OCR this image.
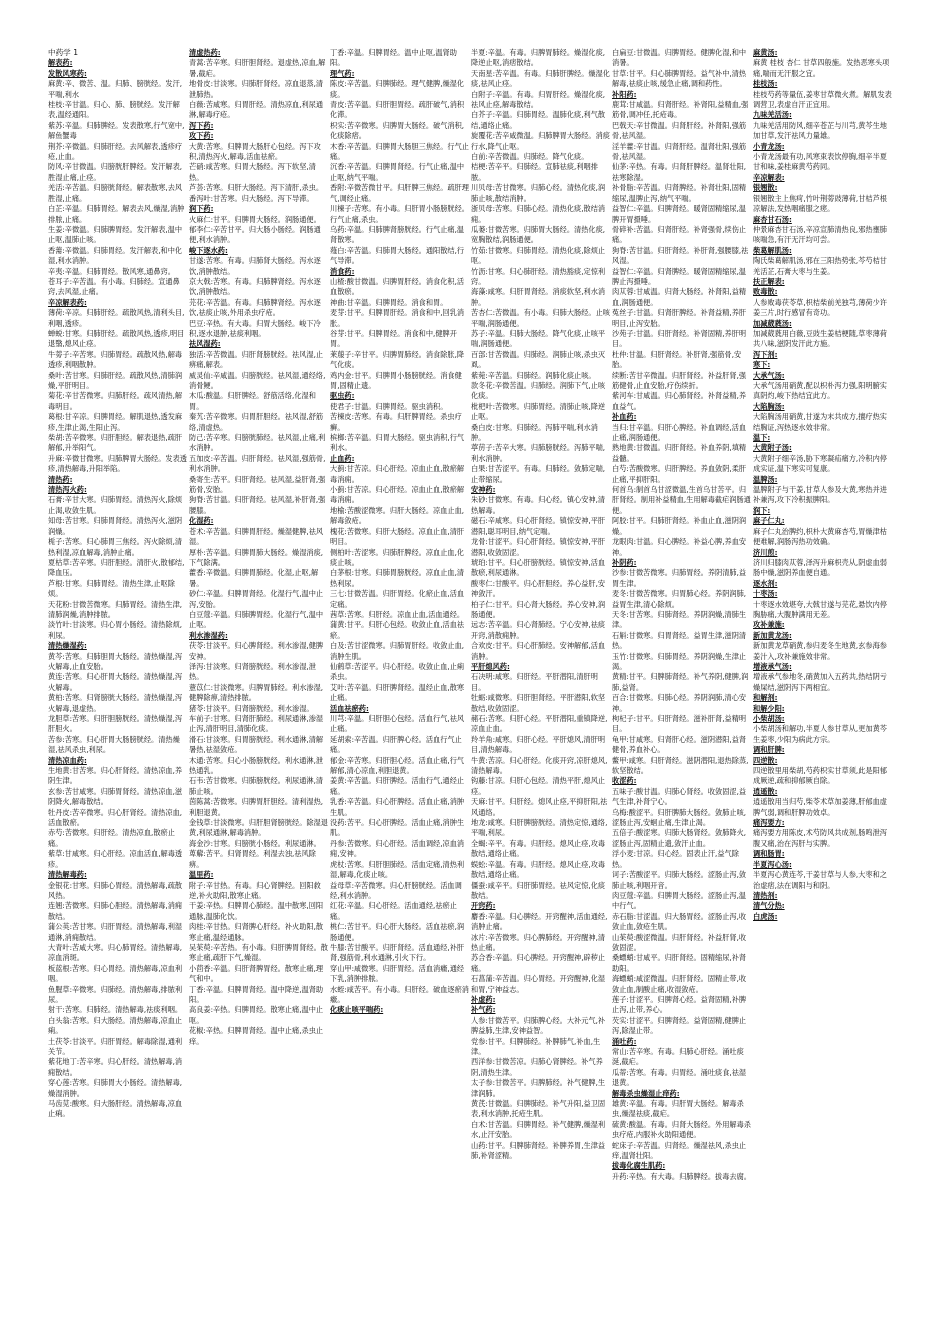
中药学 1
解表药:
发散风寒药:
麻黄:辛、微苦、温。归肺、膀胱经。发汗,平喘,利水
桂枝:辛甘温。归心、肺、膀胱经。发汗解表,温经通阳。
紫苏:辛温。归肺脾经。发表散寒,行气宽中,解鱼蟹毒
荆芥:辛微温。归肺肝经。去风解表,透疹疗疮,止血。
防风:辛甘微温。归膀胱肝脾经。发汗解表,胜湿止痛,止痉。
羌活:辛苦温。归膀胱肾经。解表散寒,去风胜湿,止痛。
白芷:辛温。归肺胃经。解表去风,燥湿,消肿排脓,止痛。
生姜:辛微温。归肺脾胃经。发汗解表,温中止呕,温肺止咳。
香薷:辛微温。归肺胃经。发汗解表,和中化湿,利水消肿。
辛夷:辛温。归肺胃经。散风寒,通鼻窍。
苍耳子:辛苦温。有小毒。归肺经。宣通鼻窍,去风湿,止痛。
辛凉解表药:
薄荷:辛凉。归肺肝经。疏散风热,清利头目,利咽,透疹。
蝉蜕:甘寒。归肺肝经。疏散风热,透疹,明目退翳,熄风止痉。
牛蒡子:辛苦寒。归肺胃经。疏散风热,解毒透疹,利咽散肿。
桑叶:苦甘寒。归肺肝经。疏散风热,清肺润燥,平肝明目。
菊花:辛甘苦微寒。归肺肝经。疏风清热,解毒明目。
葛根:甘辛凉。归脾胃经。解肌退热,透发麻疹,生津止渴,生阳止泻。
柴胡:苦辛微寒。归肝胆经。解表退热,疏肝解郁,升举阳气。
升麻:辛微甘微寒。归肺脾胃大肠经。发表透疹,清热解毒,升阳举陷。
清热药:
清热泻火药:
石膏:辛甘大寒。归肺胃经。清热泻火,除烦止渴,收敛生肌。
知母:苦甘寒。归肺胃肾经。清热泻火,滋阴润燥。
栀子:苦寒。归心肺胃三焦经。泻火除烦,清热利湿,凉血解毒,消肿止痛。
夏枯草:苦辛寒。归肝胆经。清肝火,散郁结,降血压。
芦根:甘寒。归肺胃经。清热生津,止呕除烦。
天花粉:甘微苦微寒。归肺胃经。清热生津,清肺润燥,消肿排脓。
淡竹叶:甘淡寒。归心胃小肠经。清热除烦,利尿。
清热燥湿药:
黄芩:苦寒。归肺胆胃大肠经。清热燥湿,泻火解毒,止血安胎。
黄连:苦寒。归心肝胃大肠经。清热燥湿,泻火解毒。
黄柏:苦寒。归肾膀胱大肠经。清热燥湿,泻火解毒,退虚热。
龙胆草:苦寒。归肝胆膀胱经。清热燥湿,泻肝胆火。
苦参:苦寒。归心肝胃大肠膀胱经。清热燥湿,祛风杀虫,利尿。
清热凉血药:
生地黄:甘苦寒。归心肝肾经。清热凉血,养阴生津。
玄参:苦甘咸寒。归肺胃肾经。清热凉血,滋阴降火,解毒散结。
牡丹皮:苦辛微寒。归心肝肾经。清热凉血,活血散瘀。
赤芍:苦微寒。归肝经。清热凉血,散瘀止痛。
紫草:甘咸寒。归心肝经。凉血活血,解毒透疹。
清热解毒药:
金银花:甘寒。归肺心胃经。清热解毒,疏散风热。
连翘:苦微寒。归肺心胆经。清热解毒,消痈散结。
蒲公英:苦甘寒。归肝胃经。清热解毒,利湿通淋,消痈散结。
大青叶:苦咸大寒。归心肺胃经。清热解毒,凉血消斑。
板蓝根:苦寒。归心胃经。清热解毒,凉血利咽。
鱼腥草:辛微寒。归肺经。清热解毒,排脓利尿。
射干:苦寒。归肺经。清热解毒,祛痰利咽。
白头翁:苦寒。归大肠经。清热解毒,凉血止痢。
土茯苓:甘淡平。归肝胃经。解毒除湿,通利关节。
紫花地丁:苦辛寒。归心肝经。清热解毒,消痈散结。
穿心莲:苦寒。归肺胃大小肠经。清热解毒,燥湿消肿。
马齿苋:酸寒。归大肠肝经。清热解毒,凉血止痢。
清虚热药:
青蒿:苦辛寒。归肝胆肾经。退虚热,凉血,解暑,截疟。
地骨皮:甘淡寒。归肺肝肾经。凉血退蒸,清泄肺热。
白薇:苦咸寒。归胃肝经。清热凉血,利尿通淋,解毒疗疮。
泻下药:
攻下药:
大黄:苦寒。归脾胃大肠肝心包经。泻下攻积,清热泻火,解毒,活血祛瘀。
芒硝:咸苦寒。归胃大肠经。泻下软坚,清热。
芦荟:苦寒。归肝大肠经。泻下清肝,杀虫。
番泻叶:甘苦寒。归大肠经。泻下导滞。
润下药:
火麻仁:甘平。归脾胃大肠经。润肠通便。
郁李仁:辛苦甘平。归大肠小肠经。润肠通便,利水消肿。
峻下逐水药:
甘遂:苦寒。有毒。归肺肾大肠经。泻水逐饮,消肿散结。
京大戟:苦寒。有毒。归肺脾肾经。泻水逐饮,消肿散结。
芫花:辛苦温。有毒。归肺脾肾经。泻水逐饮,祛痰止咳,外用杀虫疗疮。
巴豆:辛热。有大毒。归胃大肠经。峻下冷积,逐水退肿,祛痰利咽。
祛风湿药:
独活:辛苦微温。归肝肾膀胱经。祛风湿,止痹痛,解表。
威灵仙:辛咸温。归膀胱经。祛风湿,通经络,消骨鲠。
木瓜:酸温。归肝脾经。舒筋活络,化湿和胃。
秦艽:苦辛微寒。归胃肝胆经。祛风湿,舒筋络,清虚热。
防己:苦辛寒。归膀胱肺经。祛风湿,止痛,利水消肿。
五加皮:辛苦温。归肝肾经。祛风湿,强筋骨,利水消肿。
桑寄生:苦平。归肝肾经。祛风湿,益肝肾,强筋骨,安胎。
狗脊:苦甘温。归肝肾经。祛风湿,补肝肾,强腰膝。
化湿药:
苍术:辛苦温。归脾胃肝经。燥湿健脾,祛风湿。
厚朴:苦辛温。归脾胃肺大肠经。燥湿消痰,下气除满。
藿香:辛微温。归脾胃肺经。化湿,止呕,解暑。
砂仁:辛温。归脾胃肾经。化湿行气,温中止泻,安胎。
白豆蔻:辛温。归肺脾胃经。化湿行气,温中止呕。
利水渗湿药:
茯苓:甘淡平。归心脾肾经。利水渗湿,健脾安神。
泽泻:甘淡寒。归肾膀胱经。利水渗湿,泄热。
薏苡仁:甘淡微寒。归脾胃肺经。利水渗湿,健脾除痹,清热排脓。
猪苓:甘淡平。归肾膀胱经。利水渗湿。
车前子:甘寒。归肾肝肺经。利尿通淋,渗湿止泻,清肝明目,清肺化痰。
滑石:甘淡寒。归胃膀胱经。利水通淋,清解暑热,祛湿敛疮。
木通:苦寒。归心小肠膀胱经。利水通淋,泄热通乳。
石韦:苦甘微寒。归肺膀胱经。利尿通淋,清肺止咳。
茵陈蒿:苦微寒。归脾胃肝胆经。清利湿热,利胆退黄。
金钱草:甘淡微寒。归肝胆肾膀胱经。除湿退黄,利尿通淋,解毒消肿。
海金沙:甘寒。归膀胱小肠经。利尿通淋。
萆薢:苦平。归肾胃经。利湿去浊,祛风除痹。
温里药:
附子:辛甘热。有毒。归心肾脾经。回阳救逆,补火助阳,散寒止痛。
干姜:辛热。归脾胃心肺经。温中散寒,回阳通脉,温肺化饮。
肉桂:辛甘热。归肾脾心肝经。补火助阳,散寒止痛,温经通脉。
吴茱萸:辛苦热。有小毒。归肝脾胃肾经。散寒止痛,疏肝下气,燥湿。
小茴香:辛温。归肝肾脾胃经。散寒止痛,理气和中。
丁香:辛温。归脾胃肾经。温中降逆,温肾助阳。
高良姜:辛热。归脾胃经。散寒止痛,温中止呕。
花椒:辛热。归脾胃肾经。温中止痛,杀虫止痒。
丁香:辛温。归脾胃经。温中止呕,温肾助阳。
理气药:
陈皮:辛苦温。归脾肺经。理气健脾,燥湿化痰。
青皮:苦辛温。归肝胆胃经。疏肝破气,消积化滞。
枳实:苦辛微寒。归脾胃大肠经。破气消积,化痰除痞。
木香:辛苦温。归脾胃大肠胆三焦经。行气止痛。
沉香:辛苦温。归脾胃肾经。行气止痛,温中止呕,纳气平喘。
香附:辛微苦微甘平。归肝脾三焦经。疏肝理气,调经止痛。
川楝子:苦寒。有小毒。归肝胃小肠膀胱经。行气止痛,杀虫。
乌药:辛温。归肺脾肾膀胱经。行气止痛,温肾散寒。
薤白:辛苦温。归肺胃大肠经。通阳散结,行气导滞。
消食药:
山楂:酸甘微温。归脾胃肝经。消食化积,活血散瘀。
神曲:甘辛温。归脾胃经。消食和胃。
麦芽:甘平。归脾胃肝经。消食和中,回乳消胀。
谷芽:甘平。归脾胃经。消食和中,健脾开胃。
莱菔子:辛甘平。归脾胃肺经。消食除胀,降气化痰。
鸡内金:甘平。归脾胃小肠膀胱经。消食健胃,固精止遗。
驱虫药:
使君子:甘温。归脾胃经。驱虫消积。
苦楝皮:苦寒。有毒。归肝脾胃经。杀虫疗癣。
槟榔:苦辛温。归胃大肠经。驱虫消积,行气利水。
止血药:
大蓟:甘苦凉。归心肝经。凉血止血,散瘀解毒消痈。
小蓟:甘苦凉。归心肝经。凉血止血,散瘀解毒消痈。
地榆:苦酸涩微寒。归肝大肠经。凉血止血,解毒敛疮。
槐花:苦微寒。归肝大肠经。凉血止血,清肝明目。
侧柏叶:苦涩寒。归肺肝脾经。凉血止血,化痰止咳。
白茅根:甘寒。归肺胃膀胱经。凉血止血,清热利尿。
三七:甘微苦温。归肝胃经。化瘀止血,活血定痛。
茜草:苦寒。归肝经。凉血止血,活血通经。
蒲黄:甘平。归肝心包经。收敛止血,活血祛瘀。
白及:苦甘涩微寒。归肺胃肝经。收敛止血,消肿生肌。
仙鹤草:苦涩平。归心肝经。收敛止血,止痢杀虫。
艾叶:苦辛温。归肝脾肾经。温经止血,散寒止痛。
活血祛瘀药:
川芎:辛温。归肝胆心包经。活血行气,祛风止痛。
延胡索:辛苦温。归肝脾心经。活血行气止痛。
郁金:辛苦寒。归肝胆心经。活血止痛,行气解郁,清心凉血,利胆退黄。
姜黄:辛苦温。归肝脾经。活血行气,通经止痛。
乳香:辛苦温。归心肝脾经。活血止痛,消肿生肌。
没药:苦平。归心肝脾经。活血止痛,消肿生肌。
丹参:苦微寒。归心肝经。活血调经,凉血消痈,安神。
虎杖:苦寒。归肝胆肺经。活血定痛,清热利湿,解毒,化痰止咳。
益母草:辛苦微寒。归心肝膀胱经。活血调经,利水消肿。
红花:辛温。归心肝经。活血通经,祛瘀止痛。
桃仁:苦甘平。归心肝大肠经。活血祛瘀,润肠通便。
牛膝:苦甘酸平。归肝肾经。活血通经,补肝肾,强筋骨,利水通淋,引火下行。
穿山甲:咸微寒。归肝胃经。活血消癥,通经下乳,消肿排脓。
水蛭:咸苦平。有小毒。归肝经。破血逐瘀消癥。
化痰止咳平喘药:
半夏:辛温。有毒。归脾胃肺经。燥湿化痰,降逆止呕,消痞散结。
天南星:苦辛温。有毒。归肺肝脾经。燥湿化痰,祛风止痉。
白附子:辛温。有毒。归胃肝经。燥湿化痰,祛风止痉,解毒散结。
白芥子:辛温。归肺胃经。温肺化痰,利气散结,通络止痛。
旋覆花:苦辛咸微温。归肺脾胃大肠经。消痰行水,降气止呕。
白前:辛苦微温。归肺经。降气化痰。
桔梗:苦辛平。归肺经。宣肺祛痰,利咽排脓。
川贝母:苦甘微寒。归肺心经。清热化痰,润肺止咳,散结消肿。
浙贝母:苦寒。归肺心经。清热化痰,散结消痈。
瓜蒌:甘微苦寒。归肺胃大肠经。清热化痰,宽胸散结,润肠通便。
竹茹:甘微寒。归肺胃经。清热化痰,除烦止呕。
竹沥:甘寒。归心肺肝经。清热豁痰,定惊利窍。
海藻:咸寒。归肝胃肾经。消痰软坚,利水消肿。
苦杏仁:苦微温。有小毒。归肺大肠经。止咳平喘,润肠通便。
苏子:辛温。归肺大肠经。降气化痰,止咳平喘,润肠通便。
百部:甘苦微温。归肺经。润肺止咳,杀虫灭虱。
紫菀:辛苦温。归肺经。润肺化痰止咳。
款冬花:辛微苦温。归肺经。润肺下气,止咳化痰。
枇杷叶:苦微寒。归肺胃经。清肺止咳,降逆止呕。
桑白皮:甘寒。归肺经。泻肺平喘,利水消肿。
葶苈子:苦辛大寒。归肺膀胱经。泻肺平喘,利水消肿。
白果:甘苦涩平。有毒。归肺经。敛肺定喘,止带缩尿。
安神药:
朱砂:甘微寒。有毒。归心经。镇心安神,清热解毒。
磁石:辛咸寒。归心肝肾经。镇惊安神,平肝潜阳,聪耳明目,纳气定喘。
龙骨:甘涩平。归心肝肾经。镇惊安神,平肝潜阳,收敛固涩。
琥珀:甘平。归心肝膀胱经。镇惊安神,活血散瘀,利尿通淋。
酸枣仁:甘酸平。归心肝胆经。养心益肝,安神敛汗。
柏子仁:甘平。归心肾大肠经。养心安神,润肠通便。
远志:苦辛温。归心肾肺经。宁心安神,祛痰开窍,消散痈肿。
合欢皮:甘平。归心肝肺经。安神解郁,活血消肿。
平肝熄风药:
石决明:咸寒。归肝经。平肝潜阳,清肝明目。
牡蛎:咸微寒。归肝胆肾经。平肝潜阳,软坚散结,收敛固涩。
赭石:苦寒。归肝心经。平肝潜阳,重镇降逆,凉血止血。
羚羊角:咸寒。归肝心经。平肝熄风,清肝明目,清热解毒。
牛黄:苦凉。归心肝经。化痰开窍,凉肝熄风,清热解毒。
钩藤:甘凉。归肝心包经。清热平肝,熄风止痉。
天麻:甘平。归肝经。熄风止痉,平抑肝阳,祛风通络。
地龙:咸寒。归肝脾膀胱经。清热定惊,通络,平喘,利尿。
全蝎:辛平。有毒。归肝经。熄风止痉,攻毒散结,通络止痛。
蜈蚣:辛温。有毒。归肝经。熄风止痉,攻毒散结,通络止痛。
僵蚕:咸辛平。归肝肺胃经。祛风定惊,化痰散结。
开窍药:
麝香:辛温。归心脾经。开窍醒神,活血通经,消肿止痛。
冰片:辛苦微寒。归心脾肺经。开窍醒神,清热止痛。
苏合香:辛温。归心脾经。开窍醒神,辟秽止痛。
石菖蒲:辛苦温。归心胃经。开窍醒神,化湿和胃,宁神益志。
补虚药:
补气药:
人参:甘微苦平。归肺脾心经。大补元气,补脾益肺,生津,安神益智。
党参:甘平。归脾肺经。补脾肺气,补血,生津。
西洋参:甘微苦凉。归肺心肾脾经。补气养阴,清热生津。
太子参:甘微苦平。归脾肺经。补气健脾,生津润肺。
黄芪:甘微温。归脾肺经。补气升阳,益卫固表,利水消肿,托疮生肌。
白术:甘苦温。归脾胃经。补气健脾,燥湿利水,止汗安胎。
山药:甘平。归脾肺肾经。补脾养胃,生津益肺,补肾涩精。
白扁豆:甘微温。归脾胃经。健脾化湿,和中消暑。
甘草:甘平。归心肺脾胃经。益气补中,清热解毒,祛痰止咳,缓急止痛,调和药性。
补阳药:
鹿茸:甘咸温。归肾肝经。补肾阳,益精血,强筋骨,调冲任,托疮毒。
巴戟天:辛甘微温。归肾肝经。补肾阳,强筋骨,祛风湿。
淫羊藿:辛甘温。归肾肝经。温肾壮阳,强筋骨,祛风湿。
仙茅:辛热。有毒。归肾肝脾经。温肾壮阳,祛寒除湿。
补骨脂:辛苦温。归肾脾经。补肾壮阳,固精缩尿,温脾止泻,纳气平喘。
益智仁:辛温。归脾肾经。暖肾固精缩尿,温脾开胃摄唾。
骨碎补:苦温。归肾肝经。补肾强骨,续伤止痛。
狗脊:苦甘温。归肝肾经。补肝肾,强腰膝,祛风湿。
益智仁:辛温。归肾脾经。暖肾固精缩尿,温脾止泻摄唾。
肉苁蓉:甘咸温。归肾大肠经。补肾阳,益精血,润肠通便。
菟丝子:甘温。归肾肝脾经。补肾益精,养肝明目,止泻安胎。
沙苑子:甘温。归肝肾经。补肾固精,养肝明目。
杜仲:甘温。归肝肾经。补肝肾,强筋骨,安胎。
续断:苦甘辛微温。归肝肾经。补益肝肾,强筋健骨,止血安胎,疗伤续折。
紫河车:甘咸温。归心肺肾经。补肾益精,养血益气。
补血药:
当归:甘辛温。归肝心脾经。补血调经,活血止痛,润肠通便。
熟地黄:甘微温。归肝肾经。补血养阴,填精益髓。
白芍:苦酸微寒。归肝脾经。养血敛阴,柔肝止痛,平抑肝阳。
何首乌:制首乌甘涩微温,生首乌甘苦平。归肝肾经。制用补益精血,生用解毒截疟润肠通便。
阿胶:甘平。归肺肝肾经。补血止血,滋阴润燥。
龙眼肉:甘温。归心脾经。补益心脾,养血安神。
补阴药:
沙参:甘微苦微寒。归肺胃经。养阴清肺,益胃生津。
麦冬:甘微苦微寒。归胃肺心经。养阴润肺,益胃生津,清心除烦。
天冬:甘苦寒。归肺肾经。养阴润燥,清肺生津。
石斛:甘微寒。归胃肾经。益胃生津,滋阴清热。
玉竹:甘微寒。归肺胃经。养阴润燥,生津止渴。
黄精:甘平。归脾肺肾经。补气养阴,健脾,润肺,益肾。
百合:甘微寒。归肺心经。养阴润肺,清心安神。
枸杞子:甘平。归肝肾经。滋补肝肾,益精明目。
龟甲:甘咸寒。归肾肝心经。滋阴潜阳,益肾健骨,养血补心。
鳖甲:咸寒。归肝肾经。滋阴潜阳,退热除蒸,软坚散结。
收涩药:
五味子:酸甘温。归肺心肾经。收敛固涩,益气生津,补肾宁心。
乌梅:酸涩平。归肝脾肺大肠经。敛肺止咳,涩肠止泻,安蛔止痛,生津止渴。
五倍子:酸涩寒。归肺大肠肾经。敛肺降火,涩肠止泻,固精止遗,敛汗止血。
浮小麦:甘凉。归心经。固表止汗,益气除热。
诃子:苦酸涩平。归肺大肠经。涩肠止泻,敛肺止咳,利咽开音。
肉豆蔻:辛温。归脾胃大肠经。涩肠止泻,温中行气。
赤石脂:甘涩温。归大肠胃经。涩肠止泻,收敛止血,敛疮生肌。
山茱萸:酸涩微温。归肝肾经。补益肝肾,收敛固涩。
桑螵蛸:甘咸平。归肝肾经。固精缩尿,补肾助阳。
海螵蛸:咸涩微温。归肝肾经。固精止带,收敛止血,制酸止痛,收湿敛疮。
莲子:甘涩平。归脾肾心经。益肾固精,补脾止泻,止带,养心。
芡实:甘涩平。归脾肾经。益肾固精,健脾止泻,除湿止带。
涌吐药:
常山:苦辛寒。有毒。归肺心肝经。涌吐痰涎,截疟。
瓜蒂:苦寒。有毒。归胃经。涌吐痰食,祛湿退黄。
解毒杀虫燥湿止痒药:
雄黄:辛温。有毒。归肝胃大肠经。解毒杀虫,燥湿祛痰,截疟。
硫黄:酸温。有毒。归肾大肠经。外用解毒杀虫疗疮,内服补火助阳通便。
蛇床子:辛苦温。归肾经。燥湿祛风,杀虫止痒,温肾壮阳。
拔毒化腐生肌药:
升药:辛热。有大毒。归肺脾经。拔毒去腐。
麻黄汤:
麻黄 桂枝 杏仁 甘草四般施。发热恶寒头项痛,喘而无汗服之宜。
桂枝汤:
桂枝芍药等量伍,姜枣甘草微火煮。解肌发表调营卫,表虚自汗正宜用。
九味羌活汤:
九味羌活用防风,细辛苍芷与川芎,黄芩生地加甘草,发汗祛风力量雄。
小青龙汤:
小青龙汤最有功,风寒束表饮停胸,细辛半夏甘和味,姜桂麻黄芍药同。
辛凉解表:
银翘散:
银翘散主上焦疴,竹叶荆蒡豉薄荷,甘桔芦根凉解法,发热咽痛服之瘥。
麻杏甘石汤:
仲景麻杏甘石汤,辛凉宣肺清热良,邪热壅肺咳喘急,有汗无汗均可尝。
柴葛解肌汤:
陶氏柴葛解肌汤,邪在三阳热势张,芩芍桔甘羌活芷,石膏大枣与生姜。
扶正解表:
败毒散:
人参败毒茯苓草,枳桔柴前羌独芎,薄荷少许姜三片,时行感冒有奇功。
加减葳蕤汤:
加减葳蕤用白薇,豆豉生姜桔梗随,草枣薄荷共八味,滋阴发汗此方施。
泻下剂:
寒下:
大承气汤:
大承气汤用硝黄,配以枳朴泻力强,阳明腑实真阴灼,峻下热结宜此方。
大陷胸汤:
大陷胸汤用硝黄,甘遂为末共成方,擅疗热实结胸证,泻热逐水效非常。
温下:
大黄附子汤:
大黄附子细辛汤,胁下寒凝疝痛方,冷积内停成实证,温下寒实可复康。
温脾汤:
温脾附子与干姜,甘草人参及大黄,寒热并进补兼泻,攻下冷积振脾阳。
润下:
麻子仁丸:
麻子仁丸治脾约,枳朴大黄麻杏芍,胃燥津枯便难解,润肠泻热功效确。
济川煎:
济川归膝肉苁蓉,泽泻升麻枳壳从,阴虚血弱肠中燥,滋阴养血便自通。
逐水剂:
十枣汤:
十枣逐水效堪夸,大戟甘遂与芫花,悬饮内停胸胁痛,大腹肿满用无差。
攻补兼施:
新加黄龙汤:
新加黄龙草硝黄,参归麦冬生地黄,玄参海参姜汁入,攻补兼施效非常。
增液承气汤:
增液承气参地冬,硝黄加入五药共,热结阴亏燥屎结,滋阴泻下两相宜。
和解剂:
和解少阳:
小柴胡汤:
小柴胡汤和解功,半夏人参甘草从,更加黄芩生姜枣,少阳为病此方宗。
调和肝脾:
四逆散:
四逆散里用柴胡,芍药枳实甘草须,此是阳郁成厥逆,疏和抑郁厥自除。
逍遥散:
逍遥散用当归芍,柴苓术草加姜薄,肝郁血虚脾气弱,调和肝脾功效卓。
痛泻要方:
痛泻要方用陈皮,术芍防风共成剂,肠鸣泄泻腹又痛,治在泻肝与实脾。
调和肠胃:
半夏泻心汤:
半夏泻心黄连芩,干姜甘草与人参,大枣和之治虚痞,法在调阳与和阴。
清热剂:
清气分热:
白虎汤:
